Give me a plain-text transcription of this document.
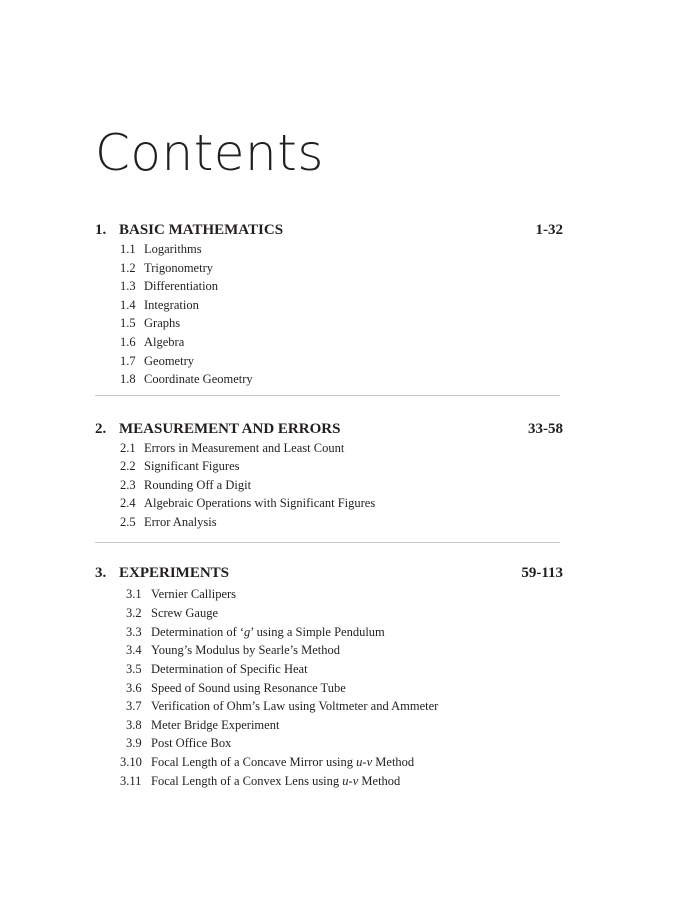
Contents
1. BASIC MATHEMATICS	1-32
1.1 Logarithms
1.2 Trigonometry
1.3 Differentiation
1.4 Integration
1.5 Graphs
1.6 Algebra
1.7 Geometry
1.8 Coordinate Geometry
2. MEASUREMENT AND ERRORS	33-58
2.1 Errors in Measurement and Least Count
2.2 Significant Figures
2.3 Rounding Off a Digit
2.4 Algebraic Operations with Significant Figures
2.5 Error Analysis
3. EXPERIMENTS	59-113
3.1 Vernier Callipers
3.2 Screw Gauge
3.3 Determination of ‘g’ using a Simple Pendulum
3.4 Young’s Modulus by Searle’s Method
3.5 Determination of Specific Heat
3.6 Speed of Sound using Resonance Tube
3.7 Verification of Ohm’s Law using Voltmeter and Ammeter
3.8 Meter Bridge Experiment
3.9 Post Office Box
3.10 Focal Length of a Concave Mirror using u-v Method
3.11 Focal Length of a Convex Lens using u-v Method
